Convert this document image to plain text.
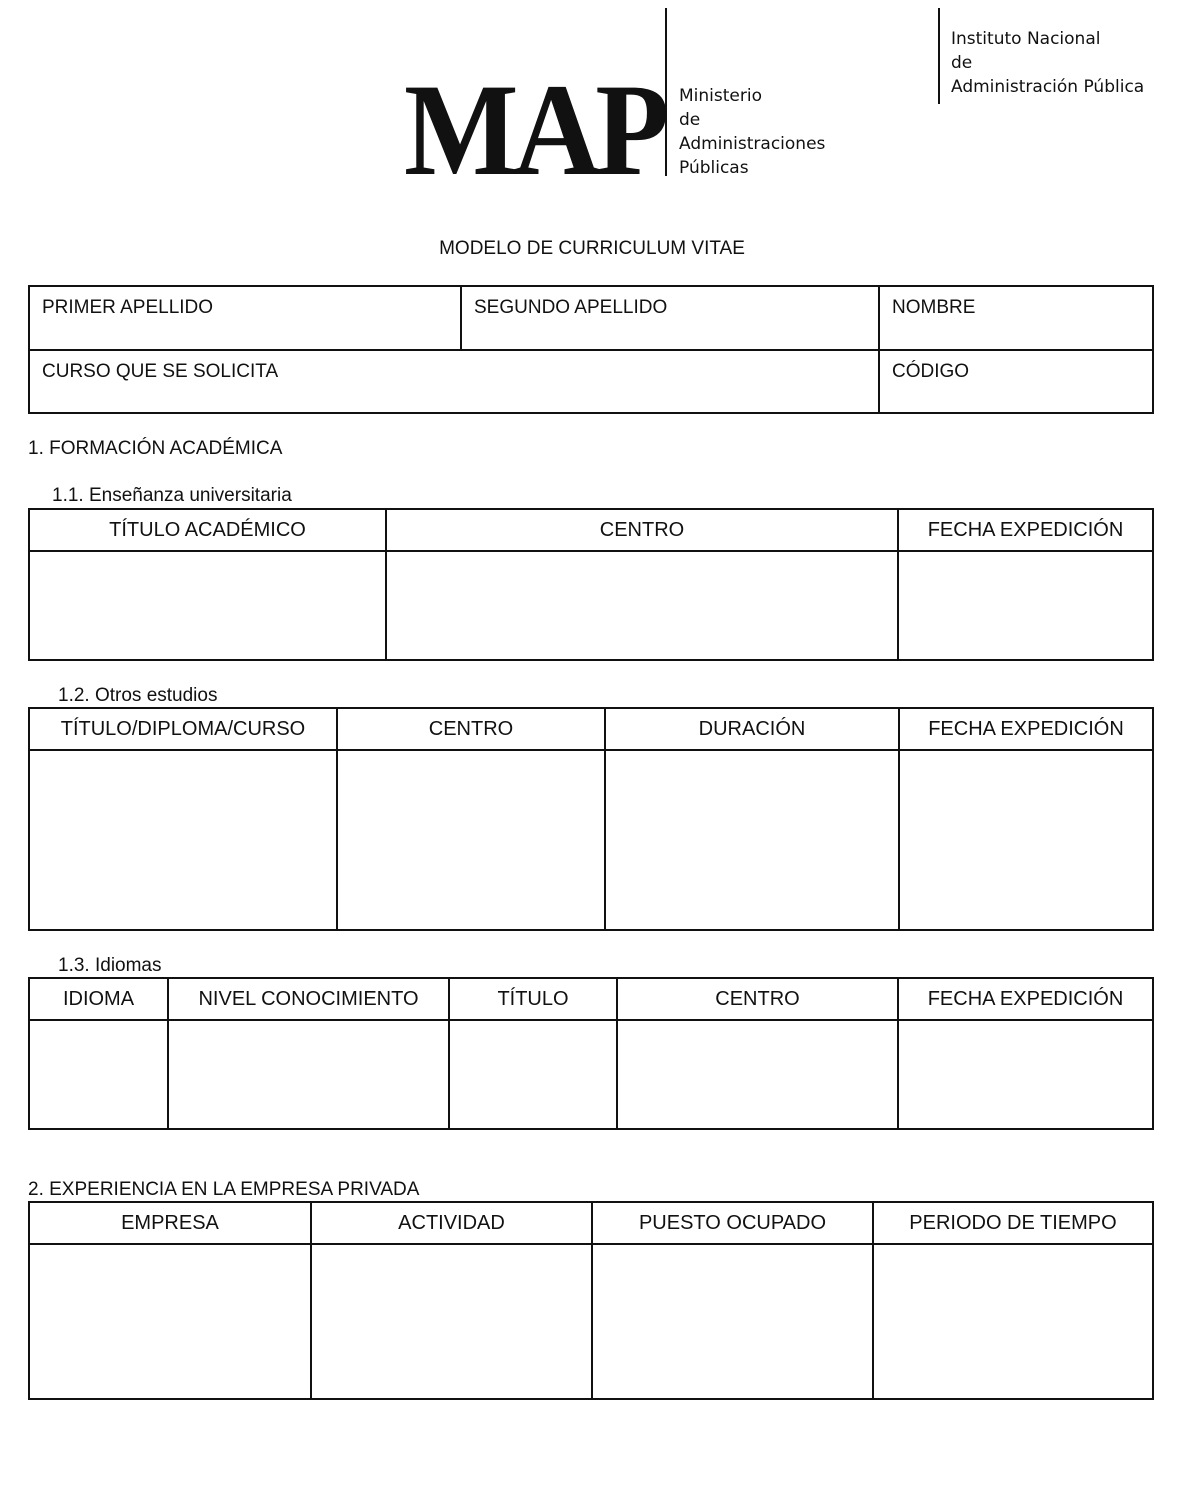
MAP Ministerio
de
Administraciones
Públicas
Instituto Nacional
de
Administración Pública
MODELO DE CURRICULUM VITAE
PRIMER APELLIDO	SEGUNDO APELLIDO	NOMBRE
CURSO QUE SE SOLICITA		CÓDIGO
1. FORMACIÓN ACADÉMICA
1.1. Enseñanza universitaria
TÍTULO ACADÉMICO	CENTRO	FECHA EXPEDICIÓN

1.2. Otros estudios
TÍTULO/DIPLOMA/CURSO	CENTRO	DURACIÓN	FECHA EXPEDICIÓN

1.3. Idiomas
IDIOMA	NIVEL CONOCIMIENTO	TÍTULO	CENTRO	FECHA EXPEDICIÓN

2. EXPERIENCIA EN LA EMPRESA PRIVADA
EMPRESA	ACTIVIDAD	PUESTO OCUPADO	PERIODO DE TIEMPO
